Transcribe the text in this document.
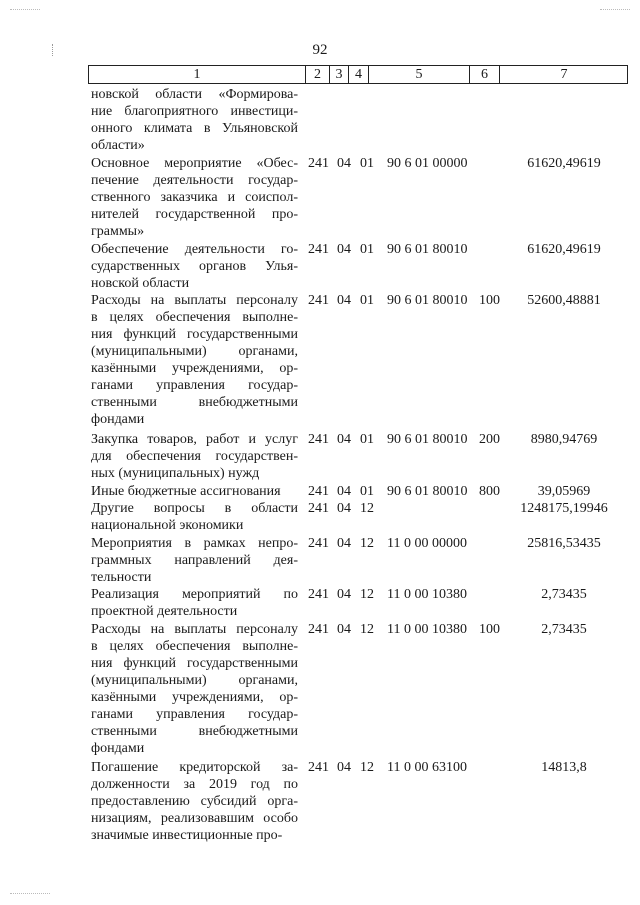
92
1	2	3 4	5	6	7
новской области «Формирова-
ние благоприятного инвестици-
онного климата в Ульяновской
области»
Основное мероприятие «Обес-
печение деятельности государ-
ственного заказчика и соиспол-
нителей государственной про-
граммы»
241 04 01 90 6 01 00000	61620,49619
Обеспечение деятельности го-
сударственных органов Улья-
новской области
241 04 01 90 6 01 80010	61620,49619
Расходы на выплаты персоналу
в целях обеспечения выполне-
ния функций государственными
(муниципальными) органами,
казёнными учреждениями, ор-
ганами управления государ-
ственными внебюджетными
фондами
241 04 01 90 6 01 80010 100	52600,48881
Закупка товаров, работ и услуг
для обеспечения государствен-
ных (муниципальных) нужд
241 04 01 90 6 01 80010 200	8980,94769
Иные бюджетные ассигнования	241 04 01 90 6 01 80010 800	39,05969
Другие вопросы в области
национальной экономики
241 04 12	1248175,19946
Мероприятия в рамках непро-
граммных направлений дея-
тельности
241 04 12 11 0 00 00000	25816,53435
Реализация мероприятий по
проектной деятельности
241 04 12 11 0 00 10380	2,73435
Расходы на выплаты персоналу
в целях обеспечения выполне-
ния функций государственными
(муниципальными) органами,
казёнными учреждениями, ор-
ганами управления государ-
ственными внебюджетными
фондами
241 04 12 11 0 00 10380 100	2,73435
Погашение кредиторской за-
долженности за 2019 год по
предоставлению субсидий орга-
низациям, реализовавшим особо
значимые инвестиционные про-
241 04 12 11 0 00 63100	14813,8
